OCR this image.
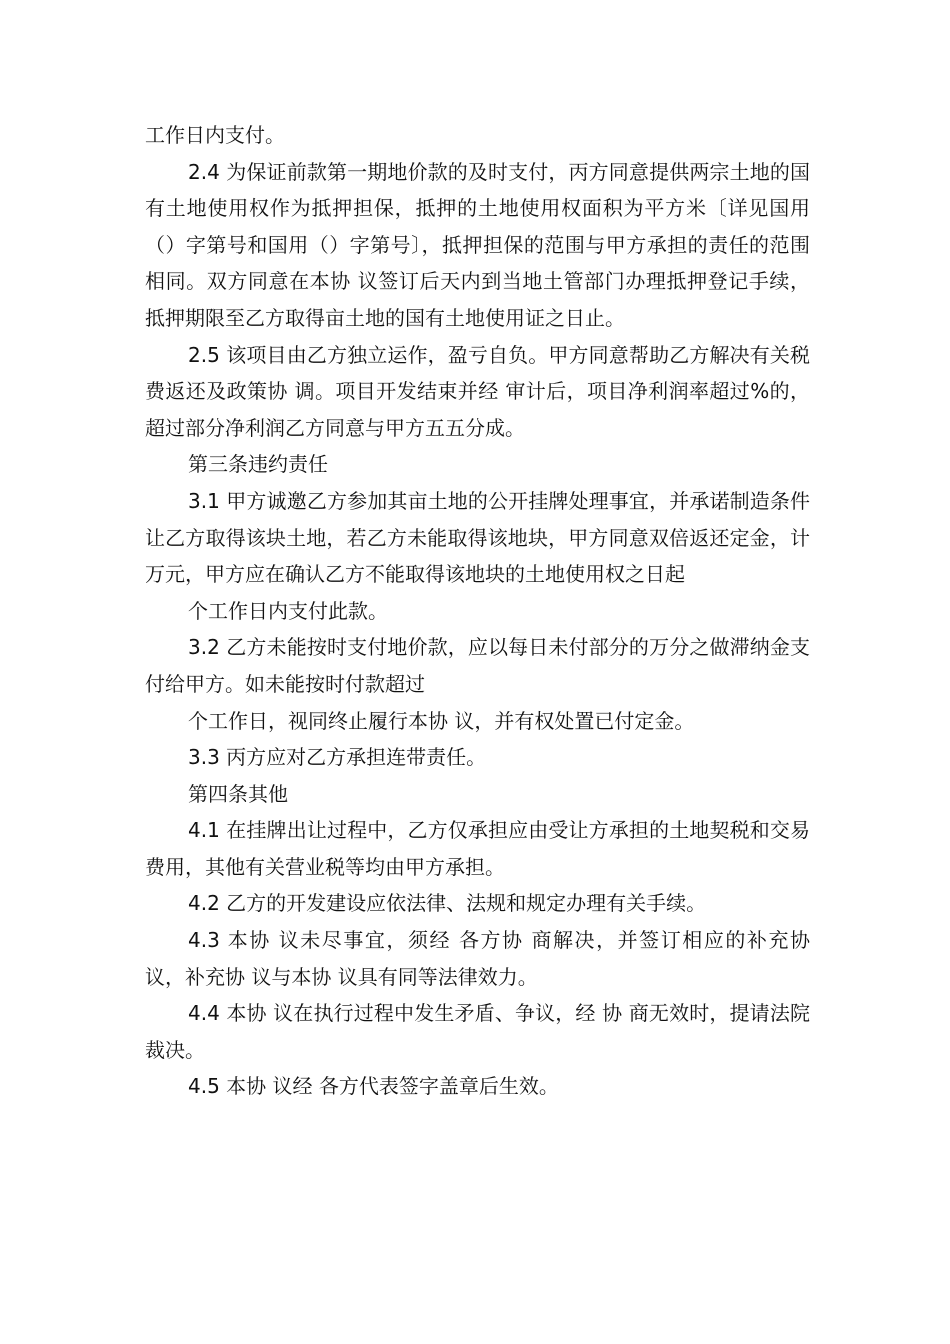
工作日内支付。

2.4 为保证前款第一期地价款的及时支付，丙方同意提供两宗土地的国有土地使用权作为抵押担保，抵押的土地使用权面积为平方米〔详见国用（）字第号和国用（）字第号〕，抵押担保的范围与甲方承担的责任的范围相同。双方同意在本协 议签订后天内到当地土管部门办理抵押登记手续，抵押期限至乙方取得亩土地的国有土地使用证之日止。

2.5 该项目由乙方独立运作，盈亏自负。甲方同意帮助乙方解决有关税费返还及政策协 调。项目开发结束并经 审计后，项目净利润率超过%的，超过部分净利润乙方同意与甲方五五分成。

第三条违约责任

3.1 甲方诚邀乙方参加其亩土地的公开挂牌处理事宜，并承诺制造条件让乙方取得该块土地，若乙方未能取得该地块，甲方同意双倍返还定金，计万元，甲方应在确认乙方不能取得该地块的土地使用权之日起

个工作日内支付此款。

3.2 乙方未能按时支付地价款，应以每日未付部分的万分之做滞纳金支付给甲方。如未能按时付款超过

个工作日，视同终止履行本协 议，并有权处置已付定金。

3.3 丙方应对乙方承担连带责任。

第四条其他

4.1 在挂牌出让过程中，乙方仅承担应由受让方承担的土地契税和交易费用，其他有关营业税等均由甲方承担。

4.2 乙方的开发建设应依法律、法规和规定办理有关手续。

4.3 本协 议未尽事宜，须经 各方协 商解决，并签订相应的补充协 议，补充协 议与本协 议具有同等法律效力。

4.4 本协 议在执行过程中发生矛盾、争议，经 协 商无效时，提请法院裁决。

4.5 本协 议经 各方代表签字盖章后生效。
